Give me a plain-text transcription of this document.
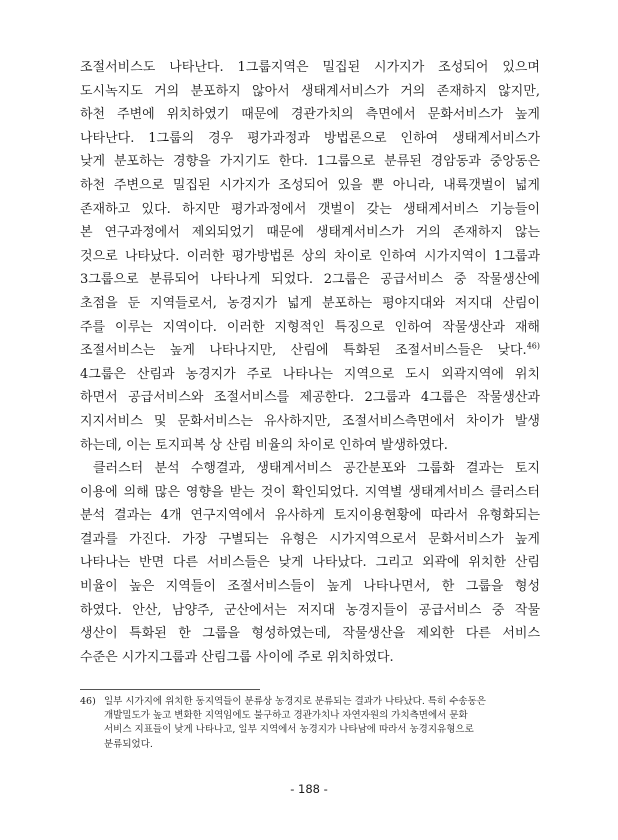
조절서비스도 나타난다. 1그룹지역은 밀집된 시가지가 조성되어 있으며
도시녹지도 거의 분포하지 않아서 생태계서비스가 거의 존재하지 않지만,
하천 주변에 위치하였기 때문에 경관가치의 측면에서 문화서비스가 높게
나타난다. 1그룹의 경우 평가과정과 방법론으로 인하여 생태계서비스가
낮게 분포하는 경향을 가지기도 한다. 1그룹으로 분류된 경암동과 중앙동은
하천 주변으로 밀집된 시가지가 조성되어 있을 뿐 아니라, 내륙갯벌이 넓게
존재하고 있다. 하지만 평가과정에서 갯벌이 갖는 생태계서비스 기능들이
본 연구과정에서 제외되었기 때문에 생태계서비스가 거의 존재하지 않는
것으로 나타났다. 이러한 평가방법론 상의 차이로 인하여 시가지역이 1그룹과
3그룹으로 분류되어 나타나게 되었다. 2그룹은 공급서비스 중 작물생산에
초점을 둔 지역들로서, 농경지가 넓게 분포하는 평야지대와 저지대 산림이
주를 이루는 지역이다. 이러한 지형적인 특징으로 인하여 작물생산과 재해
조절서비스는 높게 나타나지만, 산림에 특화된 조절서비스들은 낮다.$^{46)}$
4그룹은 산림과 농경지가 주로 나타나는 지역으로 도시 외곽지역에 위치
하면서 공급서비스와 조절서비스를 제공한다. 2그룹과 4그룹은 작물생산과
지지서비스 및 문화서비스는 유사하지만, 조절서비스측면에서 차이가 발생
하는데, 이는 토지피복 상 산림 비율의 차이로 인하여 발생하였다.

클러스터 분석 수행결과, 생태계서비스 공간분포와 그룹화 결과는 토지
이용에 의해 많은 영향을 받는 것이 확인되었다. 지역별 생태계서비스 클러스터
분석 결과는 4개 연구지역에서 유사하게 토지이용현황에 따라서 유형화되는
결과를 가진다. 가장 구별되는 유형은 시가지역으로서 문화서비스가 높게
나타나는 반면 다른 서비스들은 낮게 나타났다. 그리고 외곽에 위치한 산림
비율이 높은 지역들이 조절서비스들이 높게 나타나면서, 한 그룹을 형성
하였다. 안산, 남양주, 군산에서는 저지대 농경지들이 공급서비스 중 작물
생산이 특화된 한 그룹을 형성하였는데, 작물생산을 제외한 다른 서비스
수준은 시가지그룹과 산림그룹 사이에 주로 위치하였다.

46) 일부 시가지에 위치한 동지역들이 분류상 농경지로 분류되는 결과가 나타났다. 특히 수송동은
개발밀도가 높고 변화한 지역임에도 불구하고 경관가치나 자연자원의 가치측면에서 문화
서비스 지표들이 낮게 나타나고, 일부 지역에서 농경지가 나타남에 따라서 농경지유형으로
분류되었다.
- 188 -
